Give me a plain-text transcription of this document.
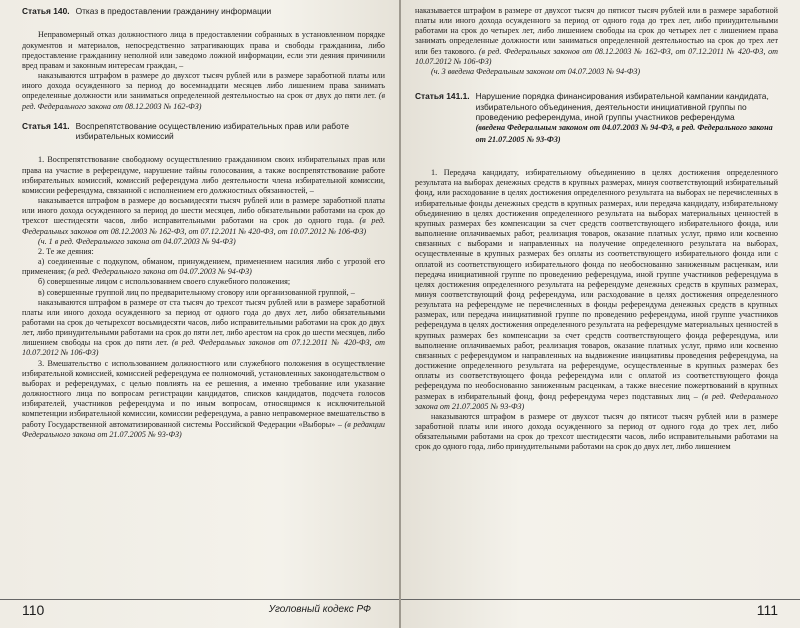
Статья 140. Отказ в предоставлении гражданину информации

Неправомерный отказ должностного лица в предоставлении собранных в установленном порядке документов и материалов, непосредственно затрагивающих права и свободы гражданина, либо предоставление гражданину неполной или заведомо ложной информации, если эти деяния причинили вред правам и законным интересам граждан, –

наказываются штрафом в размере до двухсот тысяч рублей или в размере заработной платы или иного дохода осужденного за период до восемнадцати месяцев либо лишением права занимать определенные должности или заниматься определенной деятельностью на срок от двух до пяти лет. (в ред. Федерального закона от 08.12.2003 № 162-ФЗ)

Статья 141. Воспрепятствование осуществлению избирательных прав или работе избирательных комиссий

1. Воспрепятствование свободному осуществлению гражданином своих избирательных прав или права на участие в референдуме, нарушение тайны голосования, а также воспрепятствование работе избирательных комиссий, комиссий референдума либо деятельности члена избирательной комиссии, комиссии референдума, связанной с исполнением его должностных обязанностей, –

наказывается штрафом в размере до восьмидесяти тысяч рублей или в размере заработной платы или иного дохода осужденного за период до шести месяцев, либо обязательными работами на срок до трехсот шестидесяти часов, либо исправительными работами на срок до одного года. (в ред. Федеральных законов от 08.12.2003 № 162-ФЗ, от 07.12.2011 № 420-ФЗ, от 10.07.2012 № 106-ФЗ)

(ч. 1 в ред. Федерального закона от 04.07.2003 № 94-ФЗ)

2. Те же деяния:

а) соединенные с подкупом, обманом, принуждением, применением насилия либо с угрозой его применения; (в ред. Федерального закона от 04.07.2003 № 94-ФЗ)

б) совершенные лицом с использованием своего служебного положения;

в) совершенные группой лиц по предварительному сговору или организованной группой, –

наказываются штрафом в размере от ста тысяч до трехсот тысяч рублей или в размере заработной платы или иного дохода осужденного за период от одного года до двух лет, либо обязательными работами на срок до четырехсот восьмидесяти часов, либо исправительными работами на срок до двух лет, либо принудительными работами на срок до пяти лет, либо арестом на срок до шести месяцев, либо лишением свободы на срок до пяти лет. (в ред. Федеральных законов от 07.12.2011 № 420-ФЗ, от 10.07.2012 № 106-ФЗ)

3. Вмешательство с использованием должностного или служебного положения в осуществление избирательной комиссией, комиссией референдума ее полномочий, установленных законодательством о выборах и референдумах, с целью повлиять на ее решения, а именно требование или указание должностного лица по вопросам регистрации кандидатов, списков кандидатов, подсчета голосов избирателей, участников референдума и по иным вопросам, относящимся к исключительной компетенции избирательной комиссии, комиссии референдума, а равно неправомерное вмешательство в работу Государственной автоматизированной системы Российской Федерации «Выборы» – (в редакции Федерального закона от 21.07.2005 № 93-ФЗ)

110	Уголовный кодекс РФ

наказывается штрафом в размере от двухсот тысяч до пятисот тысяч рублей или в размере заработной платы или иного дохода осужденного за период от одного года до трех лет, либо принудительными работами на срок до четырех лет, либо лишением свободы на срок до четырех лет с лишением права занимать определенные должности или заниматься определенной деятельностью на срок до трех лет или без такового. (в ред. Федеральных законов от 08.12.2003 № 162-ФЗ, от 07.12.2011 № 420-ФЗ, от 10.07.2012 № 106-ФЗ)

(ч. 3 введена Федеральным законом от 04.07.2003 № 94-ФЗ)

Статья 141.1. Нарушение порядка финансирования избирательной кампании кандидата, избирательного объединения, деятельности инициативной группы по проведению референдума, иной группы участников референдума
(введена Федеральным законом от 04.07.2003 № 94-ФЗ, в ред. Федерального закона от 21.07.2005 № 93-ФЗ)

1. Передача кандидату, избирательному объединению в целях достижения определенного результата на выборах денежных средств в крупных размерах, минуя соответствующий избирательный фонд, или расходование в целях достижения определенного результата на выборах не перечисленных в избирательные фонды денежных средств в крупных размерах, или передача кандидату, избирательному объединению в целях достижения определенного результата на выборах материальных ценностей в крупных размерах без компенсации за счет средств соответствующего избирательного фонда, или выполнение оплачиваемых работ, реализация товаров, оказание платных услуг, прямо или косвенно связанных с выборами и направленных на получение определенного результата на выборах, осуществленные в крупных размерах без оплаты из соответствующего избирательного фонда или с оплатой из соответствующего избирательного фонда по необоснованно заниженным расценкам, или передача инициативной группе по проведению референдума, иной группе участников референдума в целях достижения определенного результата на референдуме денежных средств в крупных размерах, минуя соответствующий фонд референдума, или расходование в целях достижения определенного результата на референдуме не перечисленных в фонды референдума денежных средств в крупных размерах, или передача инициативной группе по проведению референдума, иной группе участников референдума в целях достижения определенного результата на референдуме материальных ценностей в крупных размерах без компенсации за счет средств соответствующего фонда референдума, или выполнение оплачиваемых работ, реализация товаров, оказание платных услуг, прямо или косвенно связанных с референдумом и направленных на выдвижение инициативы проведения референдума, на достижение определенного результата на референдуме, осуществленные в крупных размерах без оплаты из соответствующего фонда референдума или с оплатой из соответствующего фонда референдума по необоснованно заниженным расценкам, а также внесение пожертвований в крупных размерах в избирательный фонд, фонд референдума через подставных лиц – (в ред. Федерального закона от 21.07.2005 № 93-ФЗ)

наказываются штрафом в размере от двухсот тысяч до пятисот тысяч рублей или в размере заработной платы или иного дохода осужденного за период от одного года до трех лет, либо обязательными работами на срок до трехсот шестидесяти часов, либо исправительными работами на срок до одного года, либо принудительными работами на срок до двух лет, либо лишением

111
